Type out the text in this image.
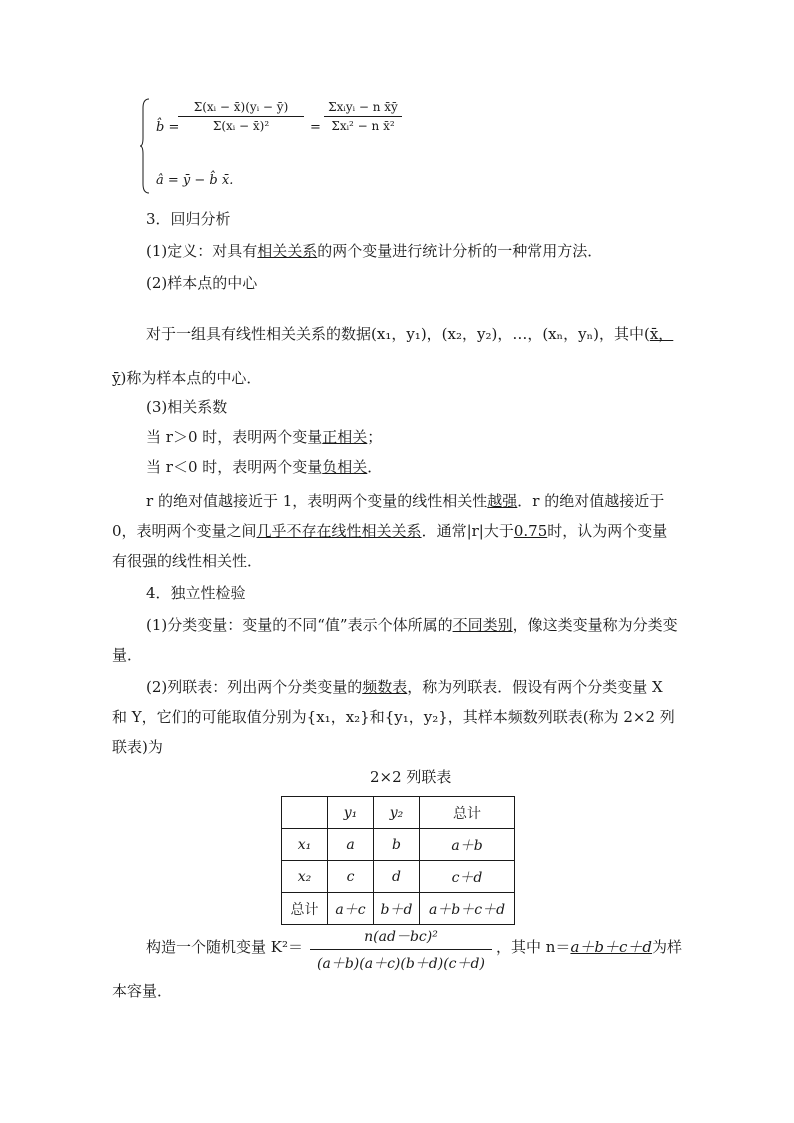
b̂ =
Σ(xᵢ − x̄)(yᵢ − ȳ)
Σ(xᵢ − x̄)²	=
Σxᵢyᵢ − n x̄ȳ
Σxᵢ² − n x̄²
â = ȳ − b̂ x̄.
3．回归分析
(1)定义：对具有相关关系的两个变量进行统计分析的一种常用方法．
(2)样本点的中心
对于一组具有线性相关关系的数据(x₁，y₁)，(x₂，y₂)，…，(xₙ，yₙ)，其中(x̄，ȳ)称为样本点的中心．
(3)相关系数
当 r＞0 时，表明两个变量正相关；
当 r＜0 时，表明两个变量负相关．
r 的绝对值越接近于 1，表明两个变量的线性相关性越强．r 的绝对值越接近于 0，表明两个变量之间几乎不存在线性相关关系．通常|r|大于0.75时，认为两个变量有很强的线性相关性．
4．独立性检验
(1)分类变量：变量的不同“值”表示个体所属的不同类别，像这类变量称为分类变量．
(2)列联表：列出两个分类变量的频数表，称为列联表．假设有两个分类变量 X 和 Y，它们的可能取值分别为{x₁，x₂}和{y₁，y₂}，其样本频数列联表(称为 2×2 列联表)为
2×2 列联表
	y₁	y₂	总计
x₁	a	b	a＋b
x₂	c	d	c＋d
总计	a＋c	b＋d	a＋b＋c＋d
构造一个随机变量 K²＝
n(ad－bc)²
(a＋b)(a＋c)(b＋d)(c＋d)
，其中 n＝a＋b＋c＋d为样
本容量．
